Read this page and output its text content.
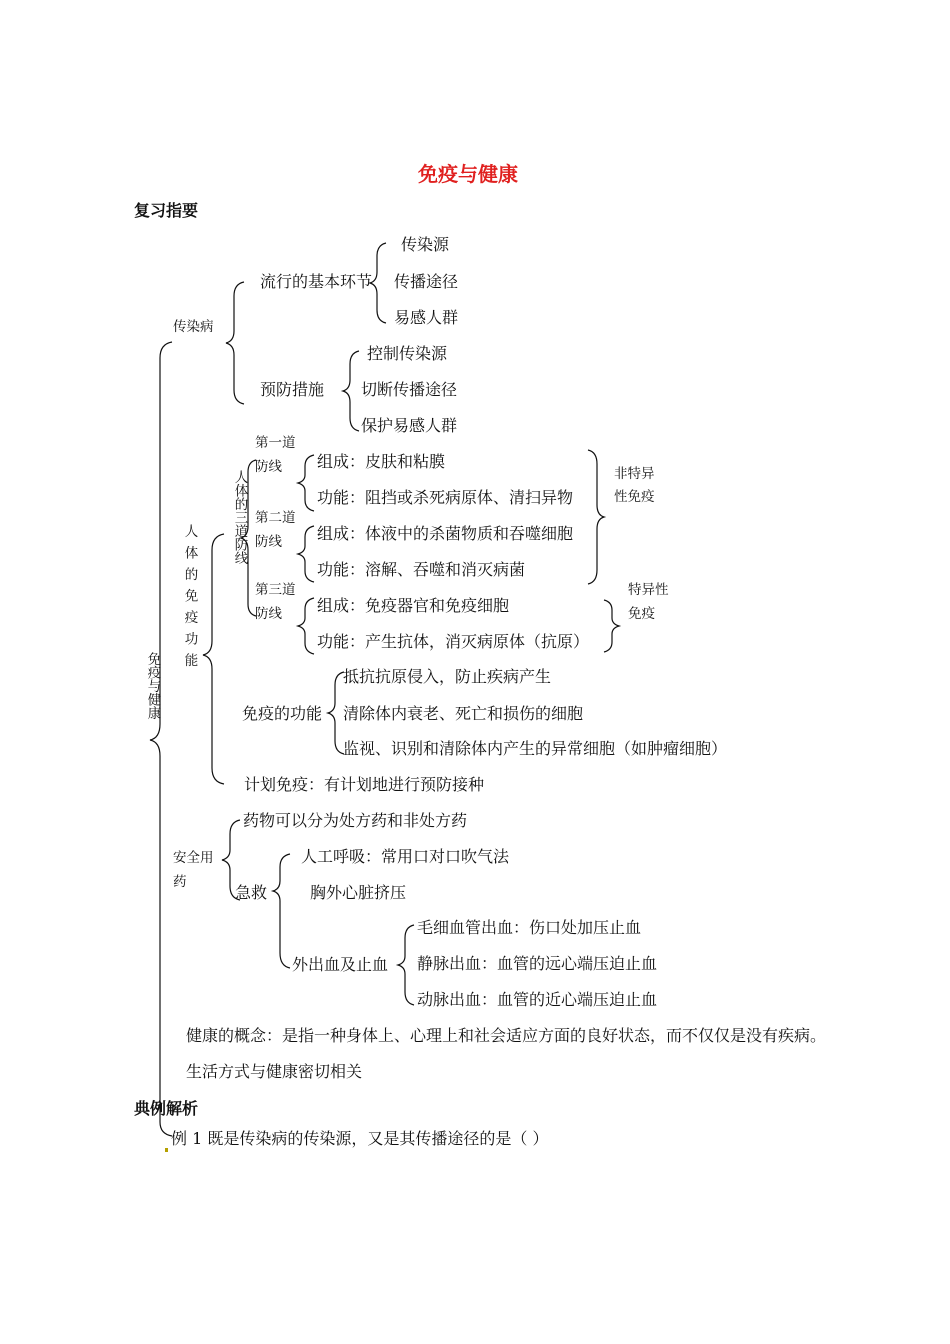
免疫与健康
复习指要
免疫与健康
传染病
流行的基本环节
传染源
传播途径
易感人群
预防措施
控制传染源
切断传播途径
保护易感人群
人体的免疫功能
人体的三道防线
第一道
防线 组成：皮肤和粘膜
功能：阻挡或杀死病原体、清扫异物
第二道
防线 组成：体液中的杀菌物质和吞噬细胞
功能：溶解、吞噬和消灭病菌
第三道
防线 组成：免疫器官和免疫细胞
功能：产生抗体，消灭病原体（抗原）
非特异
性免疫
特异性
免疫
免疫的功能
抵抗抗原侵入，防止疾病产生
清除体内衰老、死亡和损伤的细胞
监视、识别和清除体内产生的异常细胞（如肿瘤细胞）
计划免疫：有计划地进行预防接种
安全用
药
药物可以分为处方药和非处方药
急救
人工呼吸：常用口对口吹气法
胸外心脏挤压
外出血及止血
毛细血管出血：伤口处加压止血
静脉出血：血管的远心端压迫止血
动脉出血：血管的近心端压迫止血
健康的概念：是指一种身体上、心理上和社会适应方面的良好状态，而不仅仅是没有疾病。
生活方式与健康密切相关
典例解析
例 1 既是传染病的传染源，又是其传播途径的是（ ）
